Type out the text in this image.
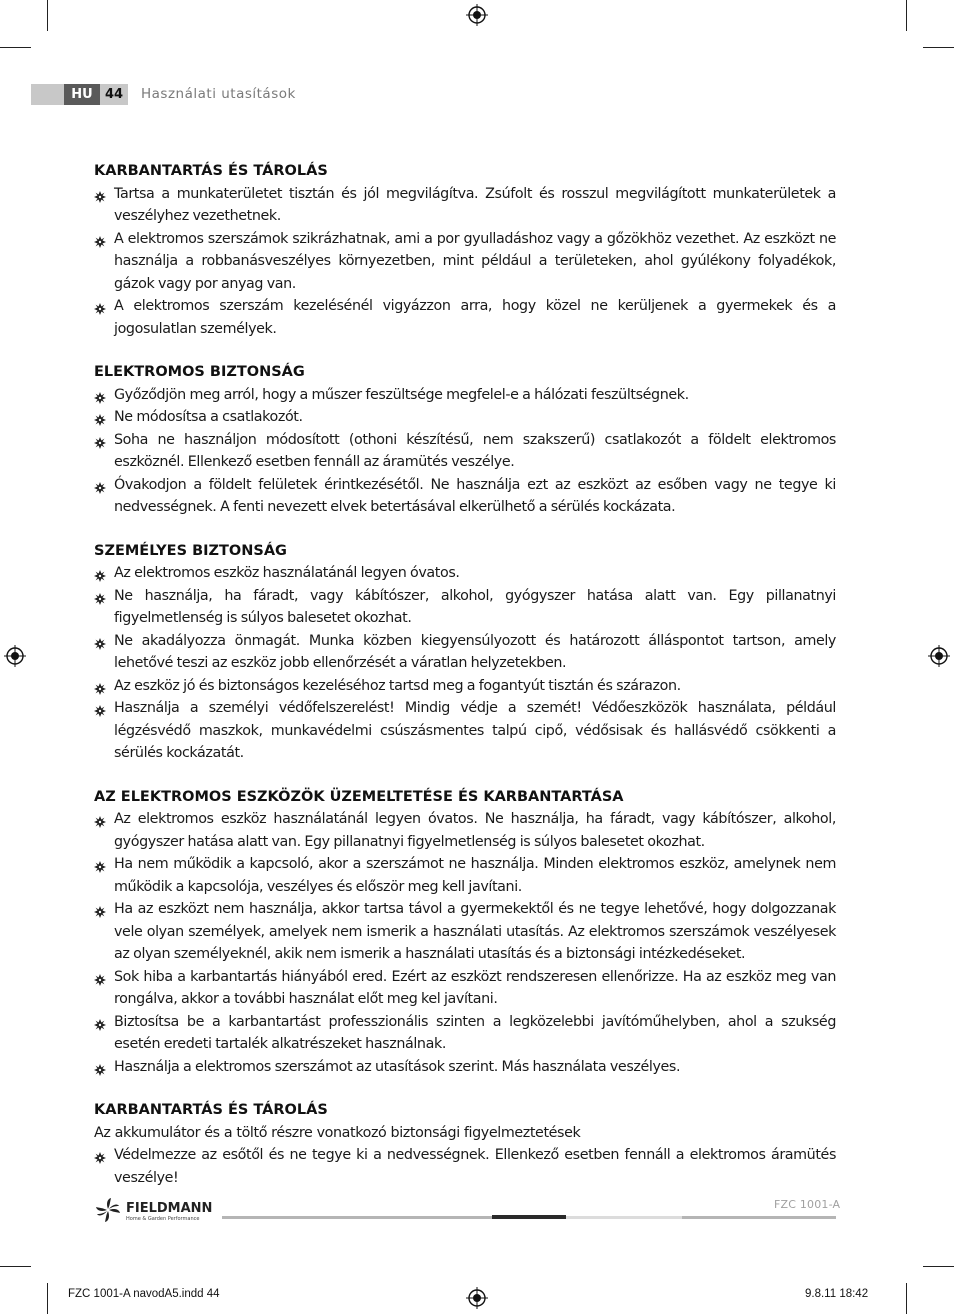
HU 44	Használati utasítások
KARBANTARTÁS ÉS TÁROLÁS
Tartsa a munkaterületet tisztán és jól megvilágítva. Zsúfolt és rosszul megvilágított munkaterületek a veszélyhez vezethetnek.
A elektromos szerszámok szikrázhatnak, ami a por gyulladáshoz vagy a gőzökhöz vezethet. Az eszközt ne használja a robbanásveszélyes környezetben, mint például a területeken, ahol gyúlékony folyadékok, gázok vagy por anyag van.
A elektromos szerszám kezelésénél vigyázzon arra, hogy közel ne kerüljenek a gyermekek és a jogosulatlan személyek.
ELEKTROMOS BIZTONSÁG
Győződjön meg arról, hogy a műszer feszültsége megfelel-e a hálózati feszültségnek.
Ne módosítsa a csatlakozót.
Soha ne használjon módosított (othoni készítésű, nem szakszerű) csatlakozót a földelt elektromos eszköznél. Ellenkező esetben fennáll az áramütés veszélye.
Óvakodjon a földelt felületek érintkezésétől. Ne használja ezt az eszközt az esőben vagy ne tegye ki nedvességnek. A fenti nevezett elvek betertásával elkerülhető a sérülés kockázata.
SZEMÉLYES BIZTONSÁG
Az elektromos eszköz használatánál legyen óvatos.
Ne használja, ha fáradt, vagy kábítószer, alkohol, gyógyszer hatása alatt van. Egy pillanatnyi figyelmetlenség is súlyos balesetet okozhat.
Ne akadályozza önmagát. Munka közben kiegyensúlyozott és határozott álláspontot tartson, amely lehetővé teszi az eszköz jobb ellenőrzését a váratlan helyzetekben.
Az eszköz jó és biztonságos kezeléséhoz tartsd meg a fogantyút tisztán és szárazon.
Használja a személyi védőfelszerelést! Mindig védje a szemét! Védőeszközök használata, például légzésvédő maszkok, munkavédelmi csúszásmentes talpú cipő, védősisak és hallásvédő csökkenti a sérülés kockázatát.
AZ ELEKTROMOS ESZKÖZÖK ÜZEMELTETÉSE ÉS KARBANTARTÁSA
Az elektromos eszköz használatánál legyen óvatos. Ne használja, ha fáradt, vagy kábítószer, alkohol, gyógyszer hatása alatt van. Egy pillanatnyi figyelmetlenség is súlyos balesetet okozhat.
Ha nem működik a kapcsoló, akor a szerszámot ne használja. Minden elektromos eszköz, amelynek nem működik a kapcsolója, veszélyes és először meg kell javítani.
Ha az eszközt nem használja, akkor tartsa távol a gyermekektől és ne tegye lehetővé, hogy dolgozzanak vele olyan személyek, amelyek nem ismerik a használati utasítás. Az elektromos szerszámok veszélyesek az olyan személyeknél, akik nem ismerik a használati utasítás és a biztonsági intézkedéseket.
Sok hiba a karbantartás hiányából ered. Ezért az eszközt rendszeresen ellenőrizze. Ha az eszköz meg van rongálva, akkor a további használat előt meg kel javítani.
Biztosítsa be a karbantartást professzionális szinten a legközelebbi javítóműhelyben, ahol a szukség esetén eredeti tartalék alkatrészeket használnak.
Használja a elektromos szerszámot az utasítások szerint. Más használata veszélyes.
KARBANTARTÁS ÉS TÁROLÁS

Az akkumulátor és a töltő részre vonatkozó biztonsági figyelmeztetések

Védelmezze az esőtől és ne tegye ki a nedvességnek. Ellenkező esetben fennáll a elektromos áramütés veszélye!
FIELDMANN
Home & Garden Performance
FZC 1001-A
FZC 1001-A navodA5.indd 44	9.8.11 18:42
